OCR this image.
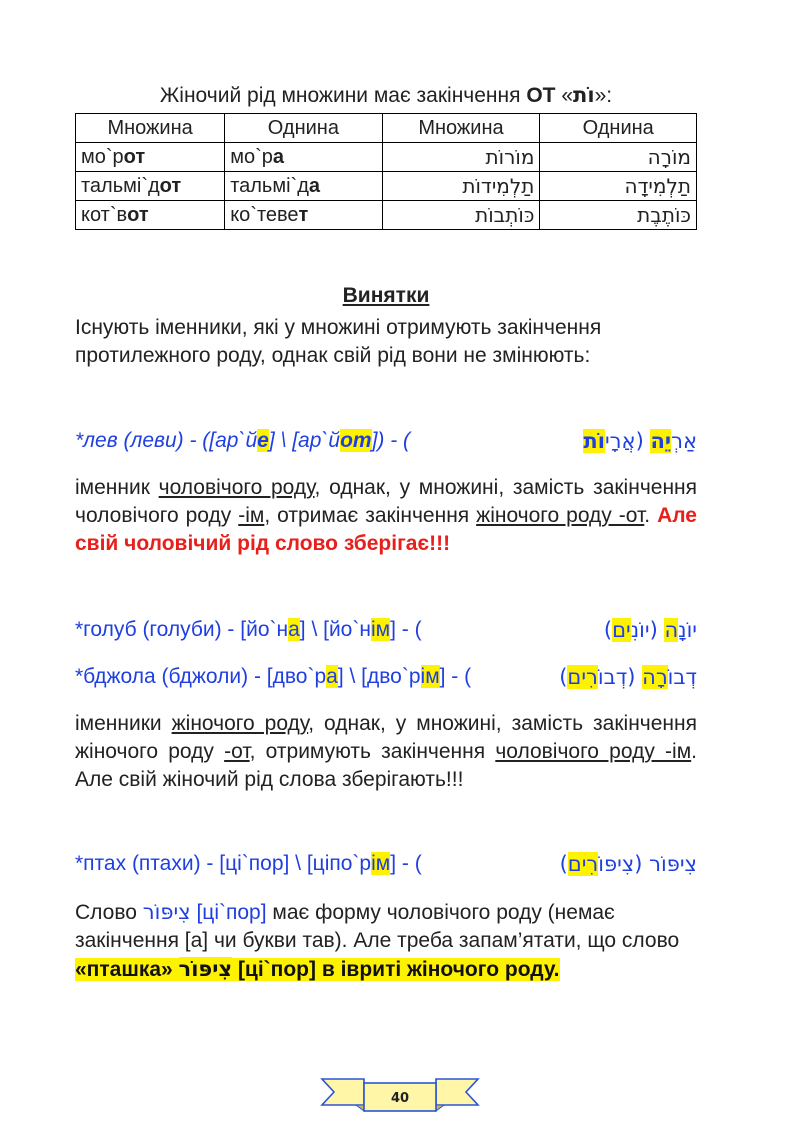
Жіночий рід множини має закінчення ОТ «וֹת»:
Множина	Однина	Множина	Однина
мо`рот	мо`ра	מוֹרוֹת	מוֹרָה
тальмі`дот	тальмі`да	תַלְמִידוֹת	תַלְמִידָה
кот`вот	ко`тевет	כּוֹתְבוֹת	כּוֹתֶבֶת
Винятки

Існують іменники, які у множині отримують закінчення протилежного роду, однак свій рід вони не змінюють:

*лев (леви) - ([ар`йе] \ [ар`йот]) - (	אַרְיֵה (אֲרָיוֹת

іменник чоловічого роду, однак, у множині, замість закінчення чоловічого роду -ім, отримає закінчення жіночого роду -от. Але свій чоловічий рід слово зберігає!!!

*голуб (голуби) - [йо`на] \ [йо`нім] - (	יוֹנָה (יוֹנִים)
*бджола (бджоли) - [дво`ра] \ [дво`рім] - (	דְבוֹרָה (דְבוֹרִים)

іменники жіночого роду, однак, у множині, замість закінчення жіночого роду -от, отримують закінчення чоловічого роду -ім. Але свій жіночий рід слова зберігають!!!

*птах (птахи) - [ці`пор] \ [ціпо`рім] - (	צִיפּוֹר (צִיפּוֹרִים)

Слово צִיפּוֹר [ці`пор] має форму чоловічого роду (немає закінчення [а] чи букви тав). Але треба запам’ятати, що слово «пташка» צִיפּוֹר [ці`пор] в івриті жіночого роду.

40
